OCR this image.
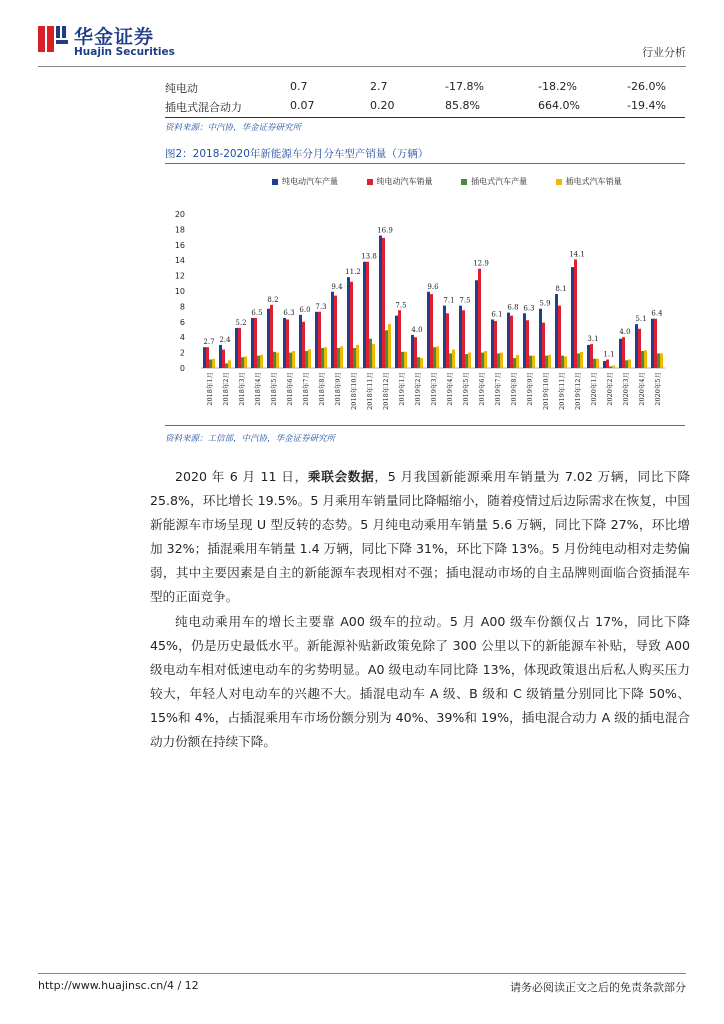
华金证券
Huajin Securities	行业分析
纯电动	0.7	2.7	-17.8%	-18.2%	-26.0%
插电式混合动力	0.07	0.20	85.8%	664.0%	-19.4%
资料来源：中汽协，华金证券研究所
图2：2018-2020年新能源车分月分车型产销量（万辆）
纯电动汽车产量	纯电动汽车销量	插电式汽车产量	插电式汽车销量
0
2
4
6
8
10
12
14
16
18
20
2.7 2.4
5.2
6.5
8.2
6.3 6.0 7.3
9.4
11.2
13.8
16.9
7.5
4.0
9.6
7.1 7.5
12.9
6.1
6.8 6.3
5.9
8.1
14.1
3.1
1.1
4.0
5.1
6.4
2018年1月 2018年2月 2018年3月 2018年4月 2018年5月 2018年6月 2018年7月 2018年8月 2018年9月 2018年10月 2018年11月 2018年12月 2019年1月 2019年2月 2019年3月 2019年4月 2019年5月 2019年6月 2019年7月 2019年8月 2019年9月 2019年10月 2019年11月 2019年12月 2020年1月 2020年2月 2020年3月 2020年4月 2020年5月
资料来源：工信部，中汽协，华金证券研究所

2020 年 6 月 11 日，乘联会数据，5 月我国新能源乘用车销量为 7.02 万辆，同比下降 25.8%，环比增长 19.5%。5 月乘用车销量同比降幅缩小，随着疫情过后边际需求在恢复，中国新能源车市场呈现 U 型反转的态势。5 月纯电动乘用车销量 5.6 万辆，同比下降 27%，环比增加 32%；插混乘用车销量 1.4 万辆，同比下降 31%，环比下降 13%。5 月份纯电动相对走势偏弱，其中主要因素是自主的新能源车表现相对不强；插电混动市场的自主品牌则面临合资插混车型的正面竞争。

纯电动乘用车的增长主要靠 A00 级车的拉动。5 月 A00 级车份额仅占 17%，同比下降 45%，仍是历史最低水平。新能源补贴新政策免除了 300 公里以下的新能源车补贴，导致 A00 级电动车相对低速电动车的劣势明显。A0 级电动车同比降 13%，体现政策退出后私人购买压力较大，年轻人对电动车的兴趣不大。插混电动车 A 级、B 级和 C 级销量分别同比下降 50%、15%和 4%，占插混乘用车市场份额分别为 40%、39%和 19%，插电混合动力 A 级的插电混合动力份额在持续下降。

http://www.huajinsc.cn/4 / 12	请务必阅读正文之后的免责条款部分
